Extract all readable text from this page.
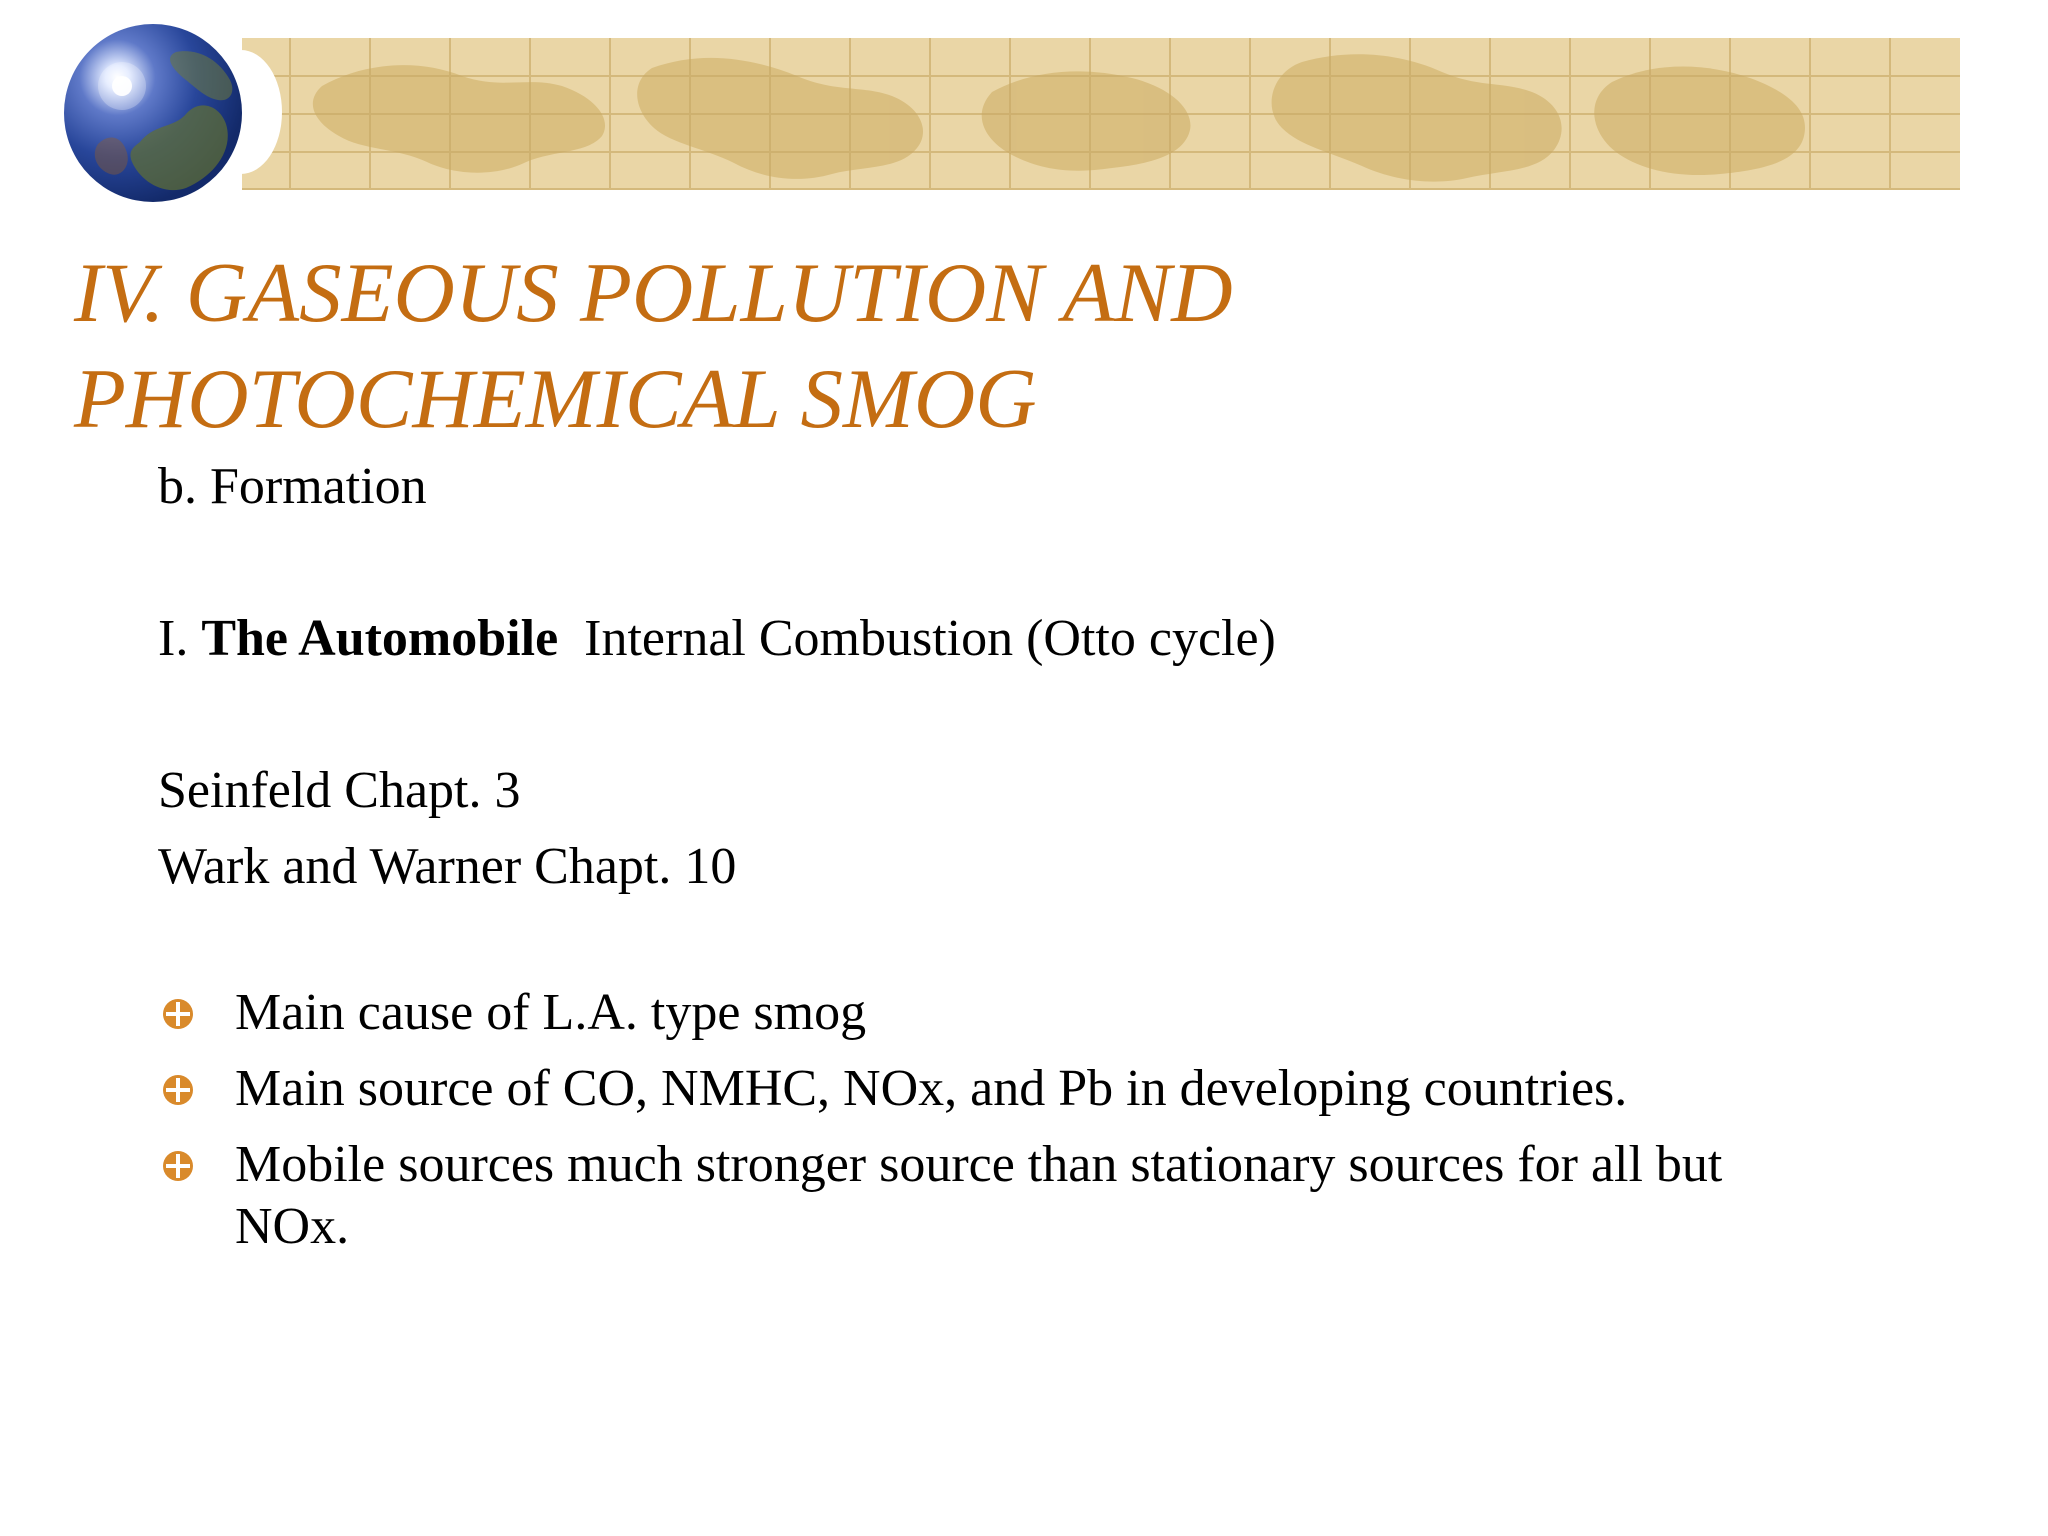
IV. GASEOUS POLLUTION AND
PHOTOCHEMICAL SMOG
b. Formation
I. The Automobile  Internal Combustion (Otto cycle)
Seinfeld Chapt. 3
Wark and Warner Chapt. 10
Main cause of L.A. type smog
Main source of CO, NMHC, NOx, and Pb in developing countries.
Mobile sources much stronger source than stationary sources for all but NOx.
